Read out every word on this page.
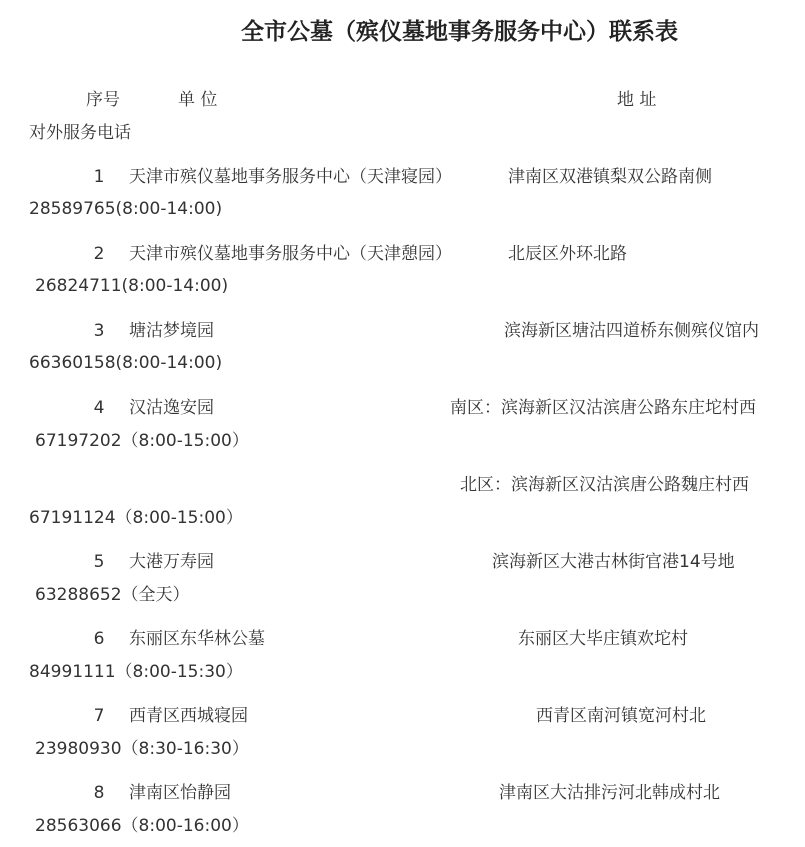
全市公墓（殡仪墓地事务服务中心）联系表
序号	单 位	地 址
对外服务电话
1 天津市殡仪墓地事务服务中心（天津寝园）	津南区双港镇梨双公路南侧
28589765(8:00-14:00)
2 天津市殡仪墓地事务服务中心（天津憩园）	北辰区外环北路
26824711(8:00-14:00)
3 塘沽梦境园	滨海新区塘沽四道桥东侧殡仪馆内
66360158(8:00-14:00)
4 汉沽逸安园	南区：滨海新区汉沽滨唐公路东庄坨村西
67197202（8:00-15:00）
北区：滨海新区汉沽滨唐公路魏庄村西
67191124（8:00-15:00）
5 大港万寿园	滨海新区大港古林街官港14号地
63288652（全天）
6 东丽区东华林公墓	东丽区大毕庄镇欢坨村
84991111（8:00-15:30）
7 西青区西城寝园	西青区南河镇宽河村北
23980930（8:30-16:30）
8 津南区怡静园	津南区大沽排污河北韩成村北
28563066（8:00-16:00）
